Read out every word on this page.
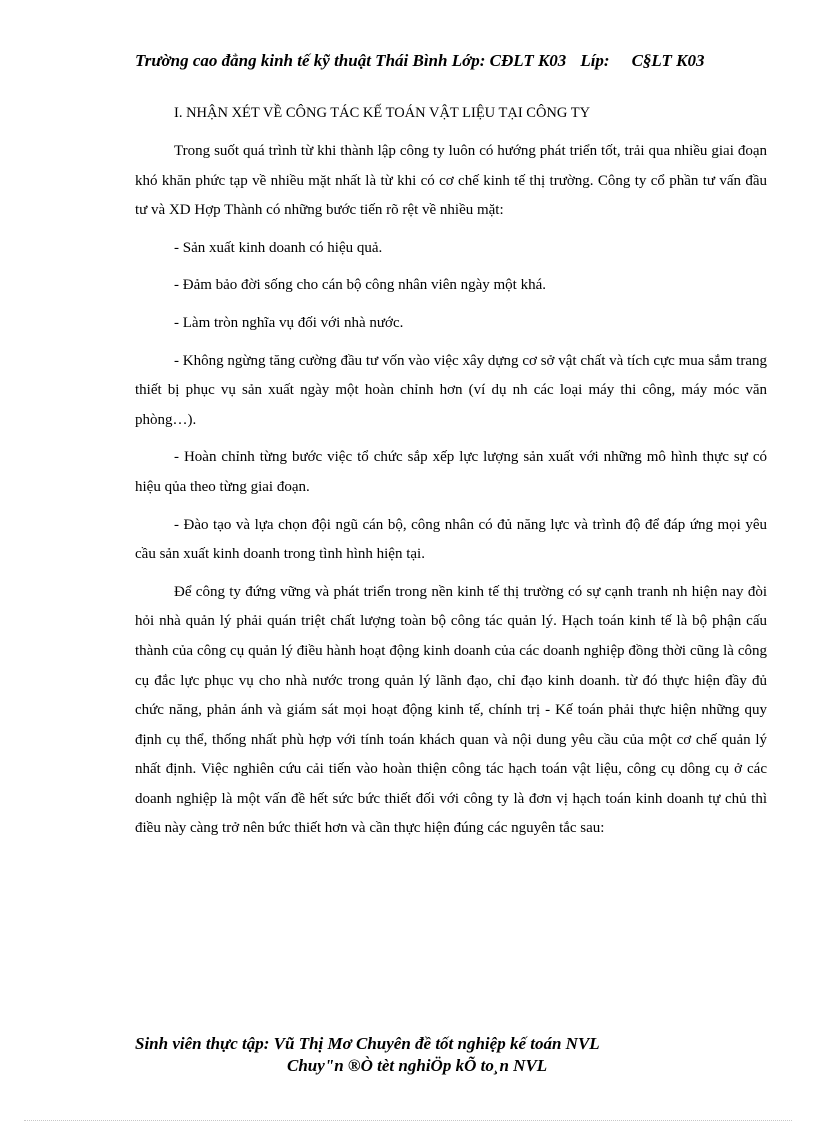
Trường cao đẳng kinh tế kỹ thuật Thái Bình Lớp: CĐLT K03 Líp: C§LT K03
I. NHẬN XÉT VỀ CÔNG TÁC KẾ TOÁN VẬT LIỆU TẠI CÔNG TY

Trong suốt quá trình từ khi thành lập công ty luôn có hướng phát triển tốt, trải qua nhiều giai đoạn khó khăn phức tạp về nhiều mặt nhất là từ khi có cơ chế kinh tế thị trường. Công ty cổ phần tư vấn đầu tư và XD Hợp Thành có những bước tiến rõ rệt về nhiều mặt:

- Sản xuất kinh doanh có hiệu quả.

- Đảm bảo đời sống cho cán bộ công nhân viên ngày một khá.

- Làm tròn nghĩa vụ đối với nhà nước.

- Không ngừng tăng cường đầu tư vốn vào việc xây dựng cơ sở vật chất và tích cực mua sắm trang thiết bị phục vụ sản xuất ngày một hoàn chỉnh hơn (ví dụ nh các loại máy thi công, máy móc văn phòng…).

- Hoàn chỉnh từng bước việc tổ chức sắp xếp lực lượng sản xuất với những mô hình thực sự có hiệu qủa theo từng giai đoạn.

- Đào tạo và lựa chọn đội ngũ cán bộ, công nhân có đủ năng lực và trình độ để đáp ứng mọi yêu cầu sản xuất kinh doanh trong tình hình hiện tại.

Để công ty đứng vững và phát triển trong nền kinh tế thị trường có sự cạnh tranh nh hiện nay đòi hỏi nhà quản lý phải quán triệt chất lượng toàn bộ công tác quản lý. Hạch toán kinh tế là bộ phận cấu thành của công cụ quản lý điều hành hoạt động kinh doanh của các doanh nghiệp đồng thời cũng là công cụ đắc lực phục vụ cho nhà nước trong quản lý lãnh đạo, chỉ đạo kinh doanh. từ đó thực hiện đầy đủ chức năng, phản ánh và giám sát mọi hoạt động kinh tế, chính trị - Kế toán phải thực hiện những quy định cụ thể, thống nhất phù hợp với tính toán khách quan và nội dung yêu cầu của một cơ chế quản lý nhất định. Việc nghiên cứu cải tiến vào hoàn thiện công tác hạch toán vật liệu, công cụ dông cụ ở các doanh nghiệp là một vấn đề hết sức bức thiết đối với công ty là đơn vị hạch toán kinh doanh tự chủ thì điều này càng trở nên bức thiết hơn và cần thực hiện đúng các nguyên tắc sau:

Sinh viên thực tập: Vũ Thị Mơ Chuyên đề tốt nghiệp kế toán NVL
Chuy"n ®Ò tèt nghiÖp kÕ to¸n NVL
